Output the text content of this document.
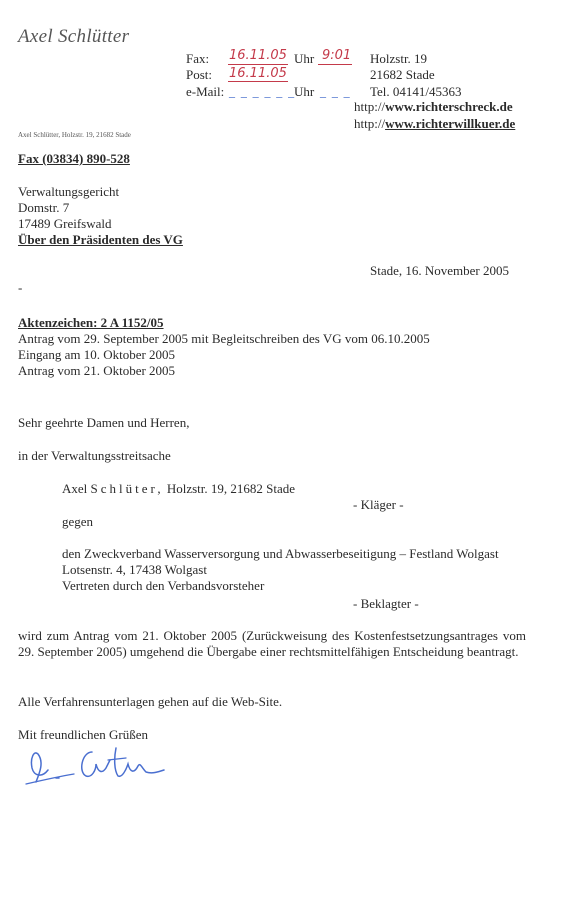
Axel Schlütter
Fax: 16.11.05 Uhr 9:01
Post: 16.11.05
e-Mail: _ _ _ _ _ _
Uhr _ _ _
Holzstr. 19
21682 Stade
Tel. 04141/45363
http://www.richterschreck.de
http://www.richterwillkuer.de
Axel Schlütter, Holzstr. 19, 21682 Stade
Fax (03834) 890-528
Verwaltungsgericht
Domstr. 7
17489 Greifswald
Über den Präsidenten des VG
Stade, 16. November 2005
-
Aktenzeichen: 2 A 1152/05
Antrag vom 29. September 2005 mit Begleitschreiben des VG vom 06.10.2005
Eingang am 10. Oktober 2005
Antrag vom 21. Oktober 2005
Sehr geehrte Damen und Herren,
in der Verwaltungsstreitsache
Axel Schlüter, Holzstr. 19, 21682 Stade
- Kläger -
gegen
den Zweckverband Wasserversorgung und Abwasserbeseitigung – Festland Wolgast
Lotsenstr. 4, 17438 Wolgast
Vertreten durch den Verbandsvorsteher
- Beklagter -
wird zum Antrag vom 21. Oktober 2005 (Zurückweisung des Kostenfestsetzungsantrages vom 29. September 2005) umgehend die Übergabe einer rechtsmittelfähigen Entscheidung beantragt.
Alle Verfahrensunterlagen gehen auf die Web-Site.
Mit freundlichen Grüßen
